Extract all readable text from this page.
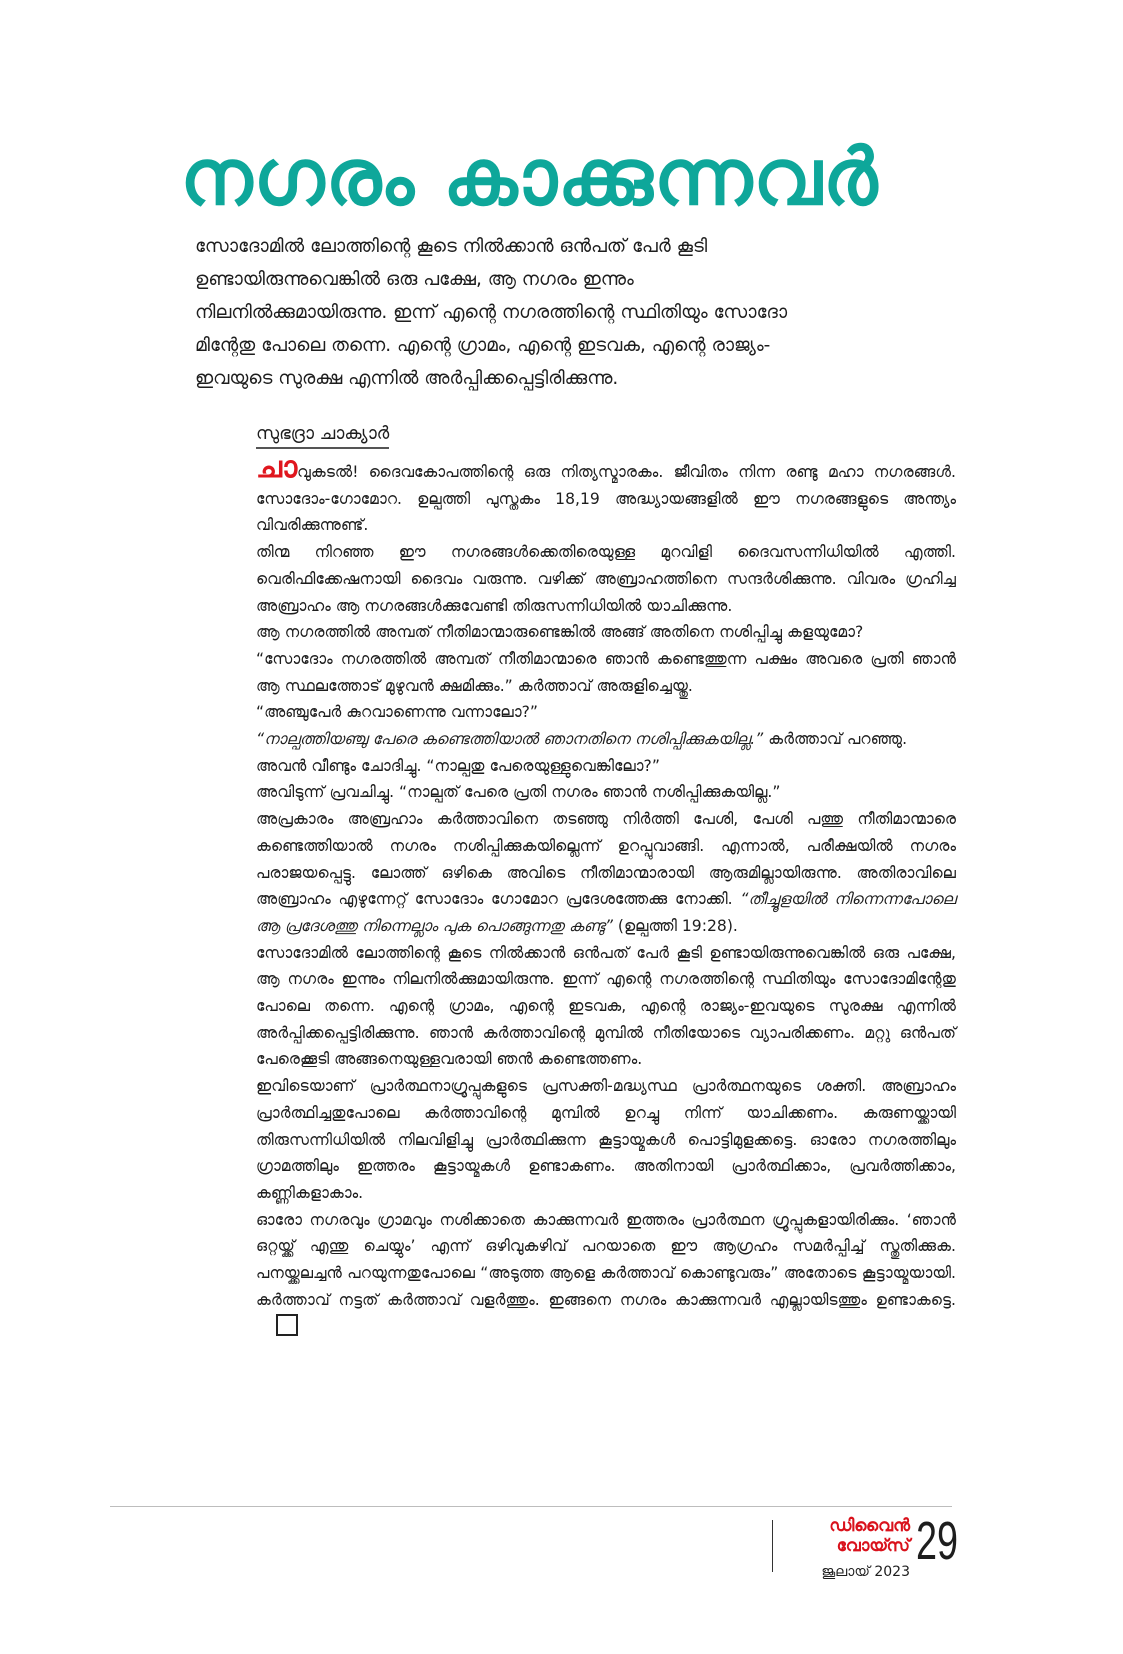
നഗരം കാക്കുന്നവർ

സോദോമിൽ ലോത്തിന്റെ കൂടെ നിൽക്കാൻ ഒൻപത് പേർ കൂടി

ഉണ്ടായിരുന്നുവെങ്കിൽ ഒരു പക്ഷേ, ആ നഗരം ഇന്നും

നിലനിൽക്കുമായിരുന്നു. ഇന്ന് എന്റെ നഗരത്തിന്റെ സ്ഥിതിയും സോദോ

മിന്റേതു പോലെ തന്നെ. എന്റെ ഗ്രാമം, എന്റെ ഇടവക, എന്റെ രാജ്യം-

ഇവയുടെ സുരക്ഷ എന്നിൽ അർപ്പിക്കപ്പെട്ടിരിക്കുന്നു.

സുഭദ്രാ ചാക്യാർ

ചാവുകടൽ! ദൈവകോപത്തിന്റെ ഒരു നിത്യസ്മാരകം. ജീവിതം നിന്ന രണ്ടു മഹാ നഗരങ്ങൾ. സോദോം-ഗോമോറ. ഉല്പത്തി പുസ്തകം 18,19 അദ്ധ്യായങ്ങളിൽ ഈ നഗരങ്ങളുടെ അന്ത്യം വിവരിക്കുന്നുണ്ട്.

തിന്മ നിറഞ്ഞ ഈ നഗരങ്ങൾക്കെതിരെയുള്ള മുറവിളി ദൈവസന്നിധിയിൽ എത്തി. വെരിഫിക്കേഷനായി ദൈവം വരുന്നു. വഴിക്ക് അബ്രാഹത്തിനെ സന്ദർശിക്കുന്നു. വിവരം ഗ്രഹിച്ച അബ്രാഹം ആ നഗരങ്ങൾക്കുവേണ്ടി തിരുസന്നിധിയിൽ യാചിക്കുന്നു.

ആ നഗരത്തിൽ അമ്പത് നീതിമാന്മാരുണ്ടെങ്കിൽ അങ്ങ് അതിനെ നശിപ്പിച്ചു കളയുമോ?

“സോദോം നഗരത്തിൽ അമ്പത് നീതിമാന്മാരെ ഞാൻ കണ്ടെത്തുന്ന പക്ഷം അവരെ പ്രതി ഞാൻ ആ സ്ഥലത്തോട് മുഴുവൻ ക്ഷമിക്കും.” കർത്താവ് അരുളിച്ചെയ്തു.

“അഞ്ചുപേർ കുറവാണെന്നു വന്നാലോ?”

“നാല്പത്തിയഞ്ചു പേരെ കണ്ടെത്തിയാൽ ഞാനതിനെ നശിപ്പിക്കുകയില്ല.” കർത്താവ് പറഞ്ഞു.

അവൻ വീണ്ടും ചോദിച്ചു. “നാല്പതു പേരെയുള്ളുവെങ്കിലോ?”

അവിടുന്ന് പ്രവചിച്ചു. “നാല്പത് പേരെ പ്രതി നഗരം ഞാൻ നശിപ്പിക്കുകയില്ല.”

അപ്രകാരം അബ്രഹാം കർത്താവിനെ തടഞ്ഞു നിർത്തി പേശി, പേശി പത്തു നീതിമാന്മാരെ കണ്ടെത്തിയാൽ നഗരം നശിപ്പിക്കുകയില്ലെന്ന് ഉറപ്പുവാങ്ങി. എന്നാൽ, പരീക്ഷയിൽ നഗരം പരാജയപ്പെട്ടു. ലോത്ത് ഒഴികെ അവിടെ നീതിമാന്മാരായി ആരുമില്ലായിരുന്നു. അതിരാവിലെ അബ്രാഹം എഴുന്നേറ്റ് സോദോം ഗോമോറ പ്രദേശത്തേക്കു നോക്കി. “തീച്ചൂളയിൽ നിന്നെന്നപോലെ ആ പ്രദേശത്തു നിന്നെല്ലാം പുക പൊങ്ങുന്നതു കണ്ടു” (ഉല്പത്തി 19:28).

സോദോമിൽ ലോത്തിന്റെ കൂടെ നിൽക്കാൻ ഒൻപത് പേർ കൂടി ഉണ്ടായിരുന്നുവെങ്കിൽ ഒരു പക്ഷേ, ആ നഗരം ഇന്നും നിലനിൽക്കുമായിരുന്നു. ഇന്ന് എന്റെ നഗരത്തിന്റെ സ്ഥിതിയും സോദോമിന്റേതു പോലെ തന്നെ. എന്റെ ഗ്രാമം, എന്റെ ഇടവക, എന്റെ രാജ്യം-ഇവയുടെ സുരക്ഷ എന്നിൽ അർപ്പിക്കപ്പെട്ടിരിക്കുന്നു. ഞാൻ കർത്താവിന്റെ മുമ്പിൽ നീതിയോടെ വ്യാപരിക്കണം. മറ്റു ഒൻപത് പേരെക്കൂടി അങ്ങനെയുള്ളവരായി ഞൻ കണ്ടെത്തണം.

ഇവിടെയാണ് പ്രാർത്ഥനാഗ്രൂപ്പുകളുടെ പ്രസക്തി-മദ്ധ്യസ്ഥ പ്രാർത്ഥനയുടെ ശക്തി. അബ്രാഹം പ്രാർത്ഥിച്ചതുപോലെ കർത്താവിന്റെ മുമ്പിൽ ഉറച്ചു നിന്ന് യാചിക്കണം. കരുണയ്ക്കായി തിരുസന്നിധിയിൽ നിലവിളിച്ചു പ്രാർത്ഥിക്കുന്ന കൂട്ടായ്മകൾ പൊട്ടിമുളക്കട്ടെ. ഓരോ നഗരത്തിലും ഗ്രാമത്തിലും ഇത്തരം കൂട്ടായ്മകൾ ഉണ്ടാകണം. അതിനായി പ്രാർത്ഥിക്കാം, പ്രവർത്തിക്കാം, കണ്ണികളാകാം.

ഓരോ നഗരവും ഗ്രാമവും നശിക്കാതെ കാക്കുന്നവർ ഇത്തരം പ്രാർത്ഥന ഗ്രൂപ്പുകളായിരിക്കും. ‘ഞാൻ ഒറ്റയ്ക്ക് എന്തു ചെയ്യും’ എന്ന് ഒഴിവുകഴിവ് പറയാതെ ഈ ആഗ്രഹം സമർപ്പിച്ച് സ്തുതിക്കുക. പനയ്ക്കലച്ചൻ പറയുന്നതുപോലെ “അടുത്ത ആളെ കർത്താവ് കൊണ്ടുവരും” അതോടെ കൂട്ടായ്മയായി. കർത്താവ് നട്ടത് കർത്താവ് വളർത്തും. ഇങ്ങനെ നഗരം കാക്കുന്നവർ എല്ലായിടത്തും ഉണ്ടാകട്ടെ.

ഡിവൈൻ വോയ്സ്
ജൂലായ് 2023
29
